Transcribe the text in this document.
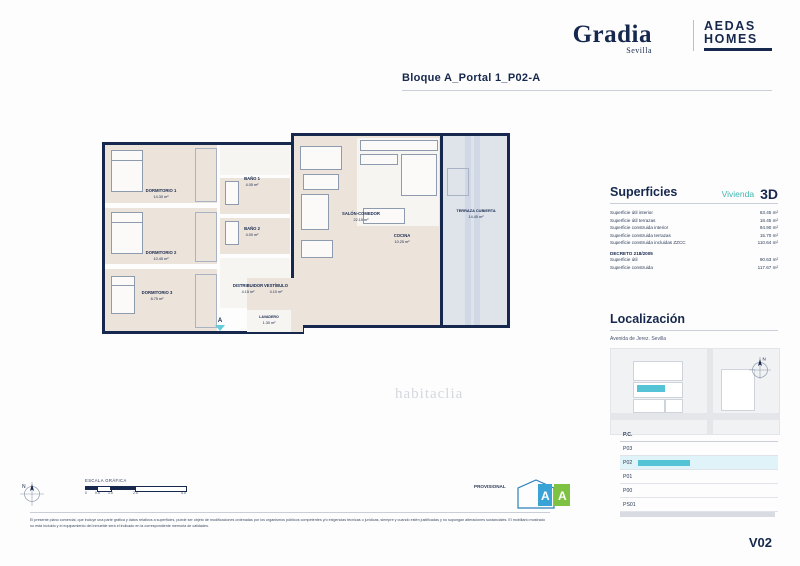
Gradia
Sevilla
AEDAS
HOMES
Bloque A_Portal 1_P02-A
DORMITORIO 1
14.30 m²
DORMITORIO 2
10.45 m²
DORMITORIO 3
8.75 m²
BAÑO 1
4.05 m²
BAÑO 2
4.00 m²
DISTRIBUIDOR
4.15 m²
VESTÍBULO
4.10 m²
LAVADERO
1.30 m²
SALÓN-COMEDOR
22.15 m²
COCINA
10.25 m²
TERRAZA CUBIERTA
14.45 m²
habitaclia
A
Superficies	Vivienda 3D
Superficie útil interior	63.45 m²
Superficie útil terrazas	18.45 m²
Superficie construida interior	94.90 m²
Superficie construida terrazas	15.70 m²
Superficie construida incluidas ZZCC	110.64 m²
DECRETO 218/2005
Superficie útil	90.63 m²
Superficie construida	117.67 m²
Localización
Avenida de Jerez. Sevilla
N
P.C.
P03
P02
P01
P00
PS01
V02
N
ESCALA GRÁFICA
0 0.5 1.0	2.0	4.0
PROVISIONAL
A A
El presente plano comercial, que incluye una parte gráfica y datos relativos a superficies, puede ser objeto de modificaciones ordenadas por los organismos públicos competentes y/o exigencias técnicas o jurídicas, siempre y cuando estén justificadas y no supongan alteraciones sustanciales. El mobiliario mostrado no está incluido y el equipamiento del inmueble será el indicado en la correspondiente memoria de calidades.
